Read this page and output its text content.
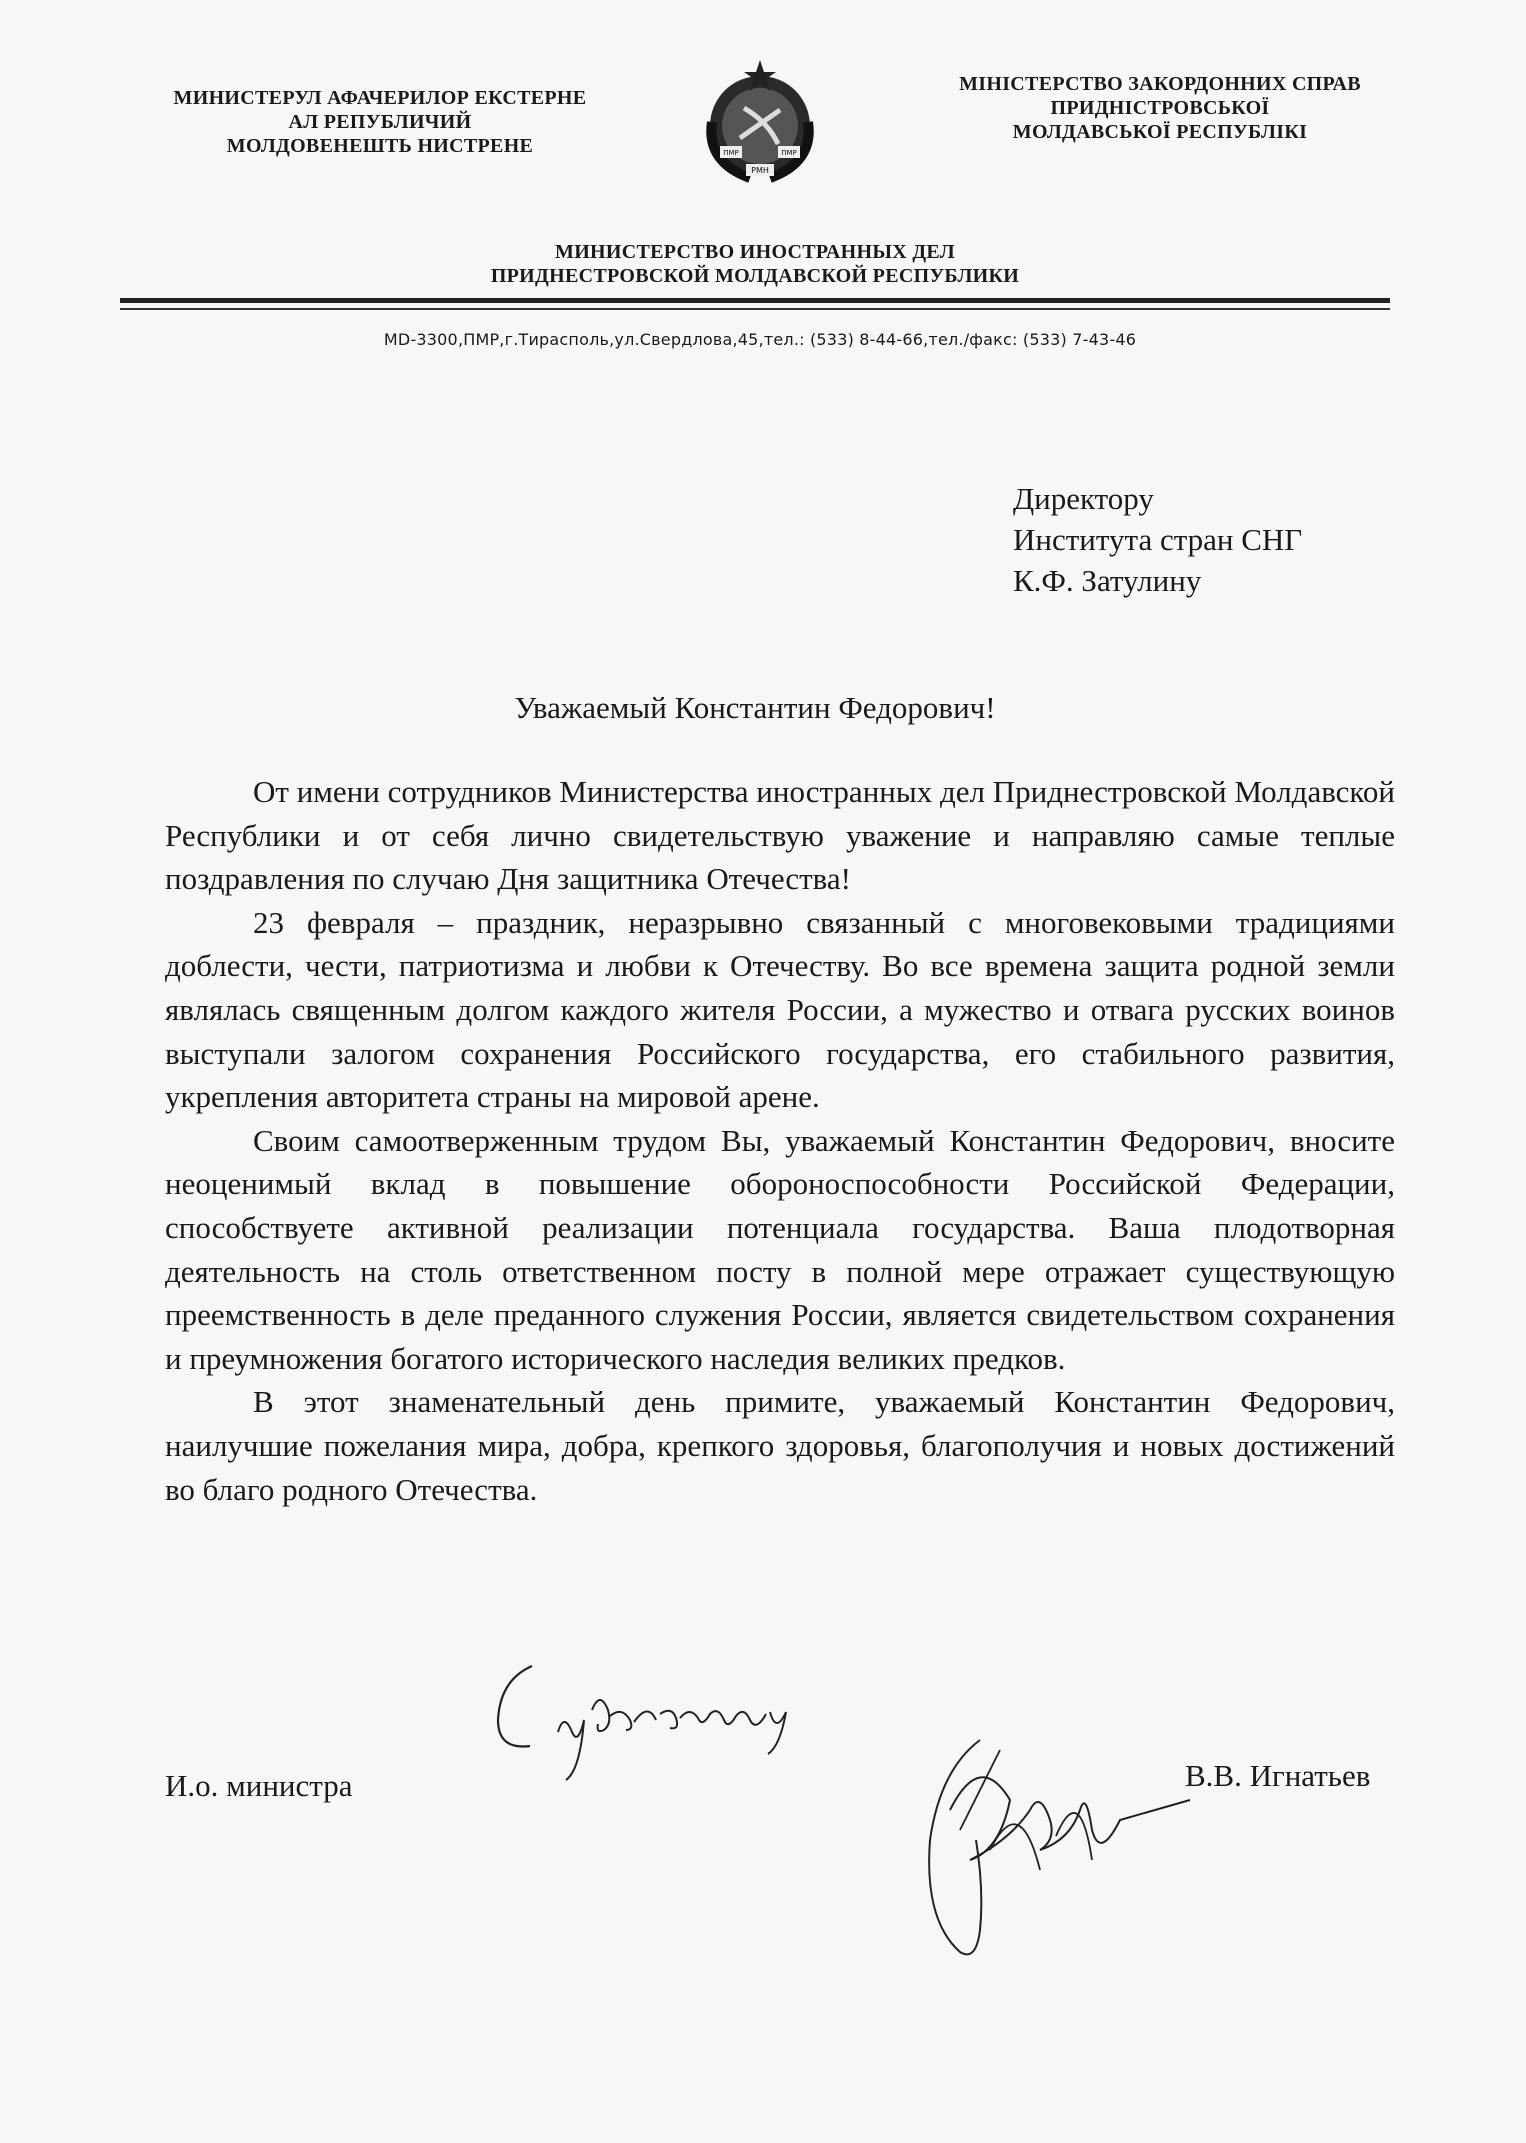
МИНИСТЕРУЛ АФАЧЕРИЛОР ЕКСТЕРНЕ
АЛ РЕПУБЛИЧИЙ
МОЛДОВЕНЕШТЬ НИСТРЕНЕ	ПМР	ПМР
РМН
МІНІСТЕРСТВО ЗАКОРДОННИХ СПРАВ
ПРИДНІСТРОВСЬКОЇ
МОЛДАВСЬКОЇ РЕСПУБЛІКІ
МИНИСТЕРСТВО ИНОСТРАННЫХ ДЕЛ
ПРИДНЕСТРОВСКОЙ МОЛДАВСКОЙ РЕСПУБЛИКИ
MD-3300,ПМР,г.Тирасполь,ул.Свердлова,45,тел.: (533) 8-44-66,тел./факс: (533) 7-43-46
Директору
Института стран СНГ
К.Ф. Затулину
Уважаемый Константин Федорович!

От имени сотрудников Министерства иностранных дел Приднестровской Молдавской Республики и от себя лично свидетельствую уважение и направляю самые теплые поздравления по случаю Дня защитника Отечества!

23 февраля – праздник, неразрывно связанный с многовековыми традициями доблести, чести, патриотизма и любви к Отечеству. Во все времена защита родной земли являлась священным долгом каждого жителя России, а мужество и отвага русских воинов выступали залогом сохранения Российского государства, его стабильного развития, укрепления авторитета страны на мировой арене.

Своим самоотверженным трудом Вы, уважаемый Константин Федорович, вносите неоценимый вклад в повышение обороноспособности Российской Федерации, способствуете активной реализации потенциала государства. Ваша плодотворная деятельность на столь ответственном посту в полной мере отражает существующую преемственность в деле преданного служения России, является свидетельством сохранения и преумножения богатого исторического наследия великих предков.

В этот знаменательный день примите, уважаемый Константин Федорович, наилучшие пожелания мира, добра, крепкого здоровья, благополучия и новых достижений во благо родного Отечества.

И.о. министра	В.В. Игнатьев
